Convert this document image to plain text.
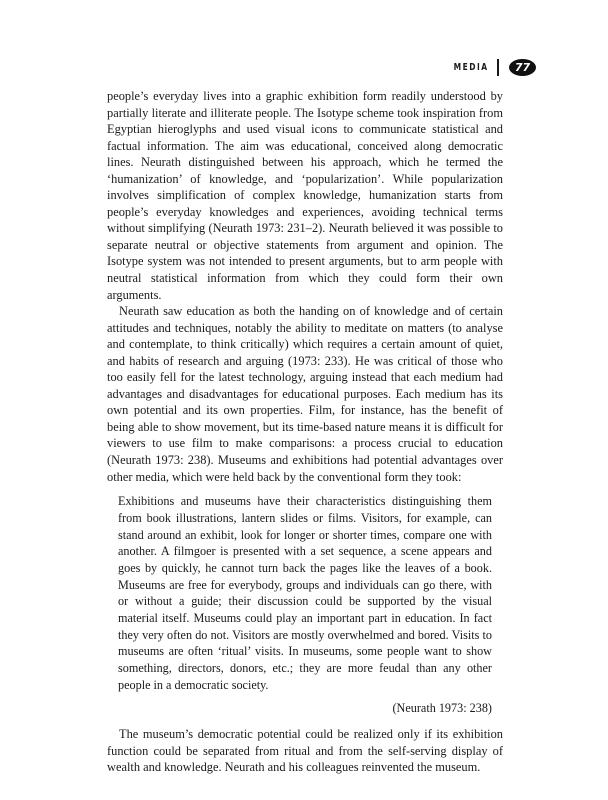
MEDIA	77

people’s everyday lives into a graphic exhibition form readily understood by partially literate and illiterate people. The Isotype scheme took inspiration from Egyptian hieroglyphs and used visual icons to communicate statistical and factual information. The aim was educational, conceived along democratic lines. Neurath distinguished between his approach, which he termed the ‘humanization’ of knowledge, and ‘popularization’. While popularization involves simplification of complex knowledge, humanization starts from people’s everyday knowledges and experiences, avoiding technical terms without simplifying (Neurath 1973: 231–2). Neurath believed it was possible to separate neutral or objective statements from argument and opinion. The Isotype system was not intended to present arguments, but to arm people with neutral statistical information from which they could form their own arguments.

Neurath saw education as both the handing on of knowledge and of certain attitudes and techniques, notably the ability to meditate on matters (to analyse and contemplate, to think critically) which requires a certain amount of quiet, and habits of research and arguing (1973: 233). He was critical of those who too easily fell for the latest technology, arguing instead that each medium had advantages and disadvantages for educational purposes. Each medium has its own potential and its own properties. Film, for instance, has the benefit of being able to show movement, but its time-based nature means it is difficult for viewers to use film to make comparisons: a process crucial to education (Neurath 1973: 238). Museums and exhibitions had potential advantages over other media, which were held back by the conventional form they took:

Exhibitions and museums have their characteristics distinguishing them from book illustrations, lantern slides or films. Visitors, for example, can stand around an exhibit, look for longer or shorter times, compare one with another. A filmgoer is presented with a set sequence, a scene appears and goes by quickly, he cannot turn back the pages like the leaves of a book. Museums are free for everybody, groups and individuals can go there, with or without a guide; their discussion could be supported by the visual material itself. Museums could play an important part in education. In fact they very often do not. Visitors are mostly overwhelmed and bored. Visits to museums are often ‘ritual’ visits. In museums, some people want to show something, directors, donors, etc.; they are more feudal than any other people in a democratic society.

(Neurath 1973: 238)

The museum’s democratic potential could be realized only if its exhibition function could be separated from ritual and from the self-serving display of wealth and knowledge. Neurath and his colleagues reinvented the museum.
